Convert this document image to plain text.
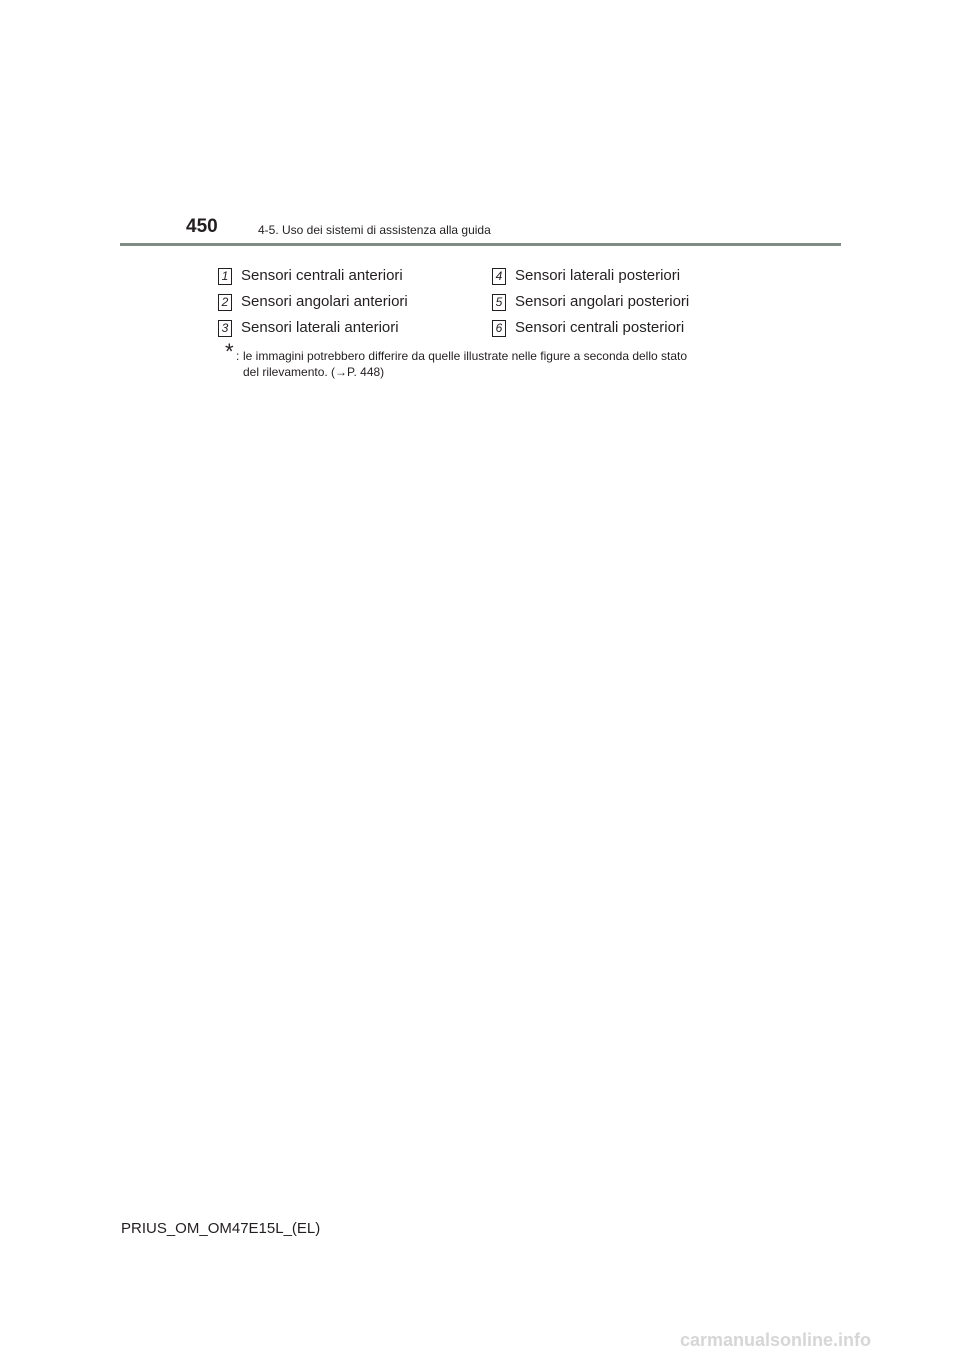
450	4-5. Uso dei sistemi di assistenza alla guida
1 Sensori centrali anteriori
2 Sensori angolari anteriori
3 Sensori laterali anteriori
4 Sensori laterali posteriori
5 Sensori angolari posteriori
6 Sensori centrali posteriori
* : le immagini potrebbero differire da quelle illustrate nelle figure a seconda dello stato
del rilevamento. (→P. 448)
PRIUS_OM_OM47E15L_(EL)
carmanualsonline.info
